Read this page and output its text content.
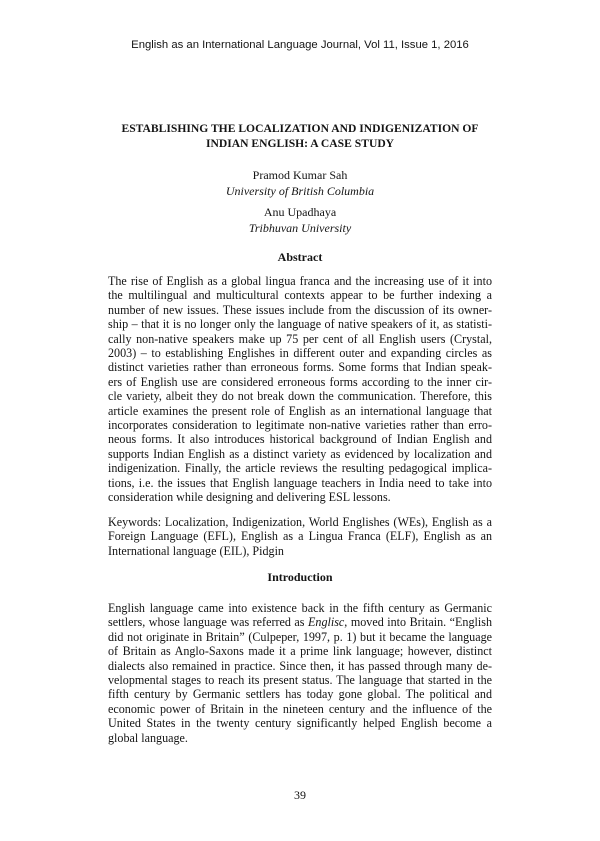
English as an International Language Journal, Vol 11, Issue 1, 2016
ESTABLISHING THE LOCALIZATION AND INDIGENIZATION OF
INDIAN ENGLISH: A CASE STUDY
Pramod Kumar Sah
University of British Columbia
Anu Upadhaya
Tribhuvan University
Abstract
The rise of English as a global lingua franca and the increasing use of it into
the multilingual and multicultural contexts appear to be further indexing a
number of new issues. These issues include from the discussion of its owner-
ship – that it is no longer only the language of native speakers of it, as statisti-
cally non-native speakers make up 75 per cent of all English users (Crystal,
2003) – to establishing Englishes in different outer and expanding circles as
distinct varieties rather than erroneous forms. Some forms that Indian speak-
ers of English use are considered erroneous forms according to the inner cir-
cle variety, albeit they do not break down the communication. Therefore, this
article examines the present role of English as an international language that
incorporates consideration to legitimate non-native varieties rather than erro-
neous forms. It also introduces historical background of Indian English and
supports Indian English as a distinct variety as evidenced by localization and
indigenization. Finally, the article reviews the resulting pedagogical implica-
tions, i.e. the issues that English language teachers in India need to take into
consideration while designing and delivering ESL lessons.
Keywords: Localization, Indigenization, World Englishes (WEs), English as a
Foreign Language (EFL), English as a Lingua Franca (ELF), English as an
International language (EIL), Pidgin
Introduction
English language came into existence back in the fifth century as Germanic
settlers, whose language was referred as Englisc, moved into Britain. “English
did not originate in Britain” (Culpeper, 1997, p. 1) but it became the language
of Britain as Anglo-Saxons made it a prime link language; however, distinct
dialects also remained in practice. Since then, it has passed through many de-
velopmental stages to reach its present status. The language that started in the
fifth century by Germanic settlers has today gone global. The political and
economic power of Britain in the nineteen century and the influence of the
United States in the twenty century significantly helped English become a
global language.
39
